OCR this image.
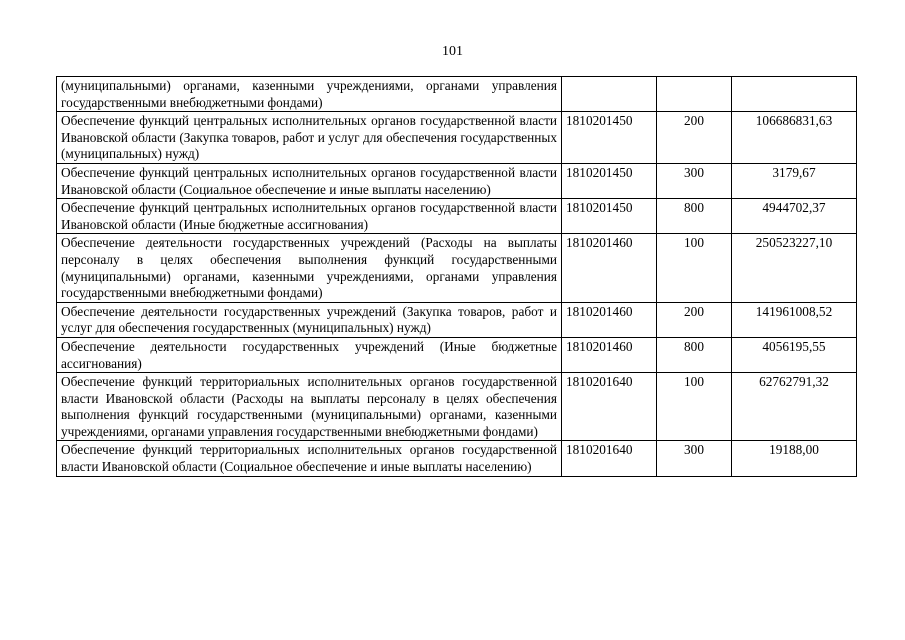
101
(муниципальными) органами, казенными учреждениями, органами управления государственными внебюджетными фондами)			
Обеспечение функций центральных исполнительных органов государственной власти Ивановской области (Закупка товаров, работ и услуг для обеспечения государственных (муниципальных) нужд)	1810201450	200	106686831,63
Обеспечение функций центральных исполнительных органов государственной власти Ивановской области (Социальное обеспечение и иные выплаты населению)	1810201450	300	3179,67
Обеспечение функций центральных исполнительных органов государственной власти Ивановской области (Иные бюджетные ассигнования)	1810201450	800	4944702,37
Обеспечение деятельности государственных учреждений (Расходы на выплаты персоналу в целях обеспечения выполнения функций государственными (муниципальными) органами, казенными учреждениями, органами управления государственными внебюджетными фондами)	1810201460	100	250523227,10
Обеспечение деятельности государственных учреждений (Закупка товаров, работ и услуг для обеспечения государственных (муниципальных) нужд)	1810201460	200	141961008,52
Обеспечение деятельности государственных учреждений (Иные бюджетные ассигнования)	1810201460	800	4056195,55
Обеспечение функций территориальных исполнительных органов государственной власти Ивановской области (Расходы на выплаты персоналу в целях обеспечения выполнения функций государственными (муниципальными) органами, казенными учреждениями, органами управления государственными внебюджетными фондами)	1810201640	100	62762791,32
Обеспечение функций территориальных исполнительных органов государственной власти Ивановской области (Социальное обеспечение и иные выплаты населению)	1810201640	300	19188,00
